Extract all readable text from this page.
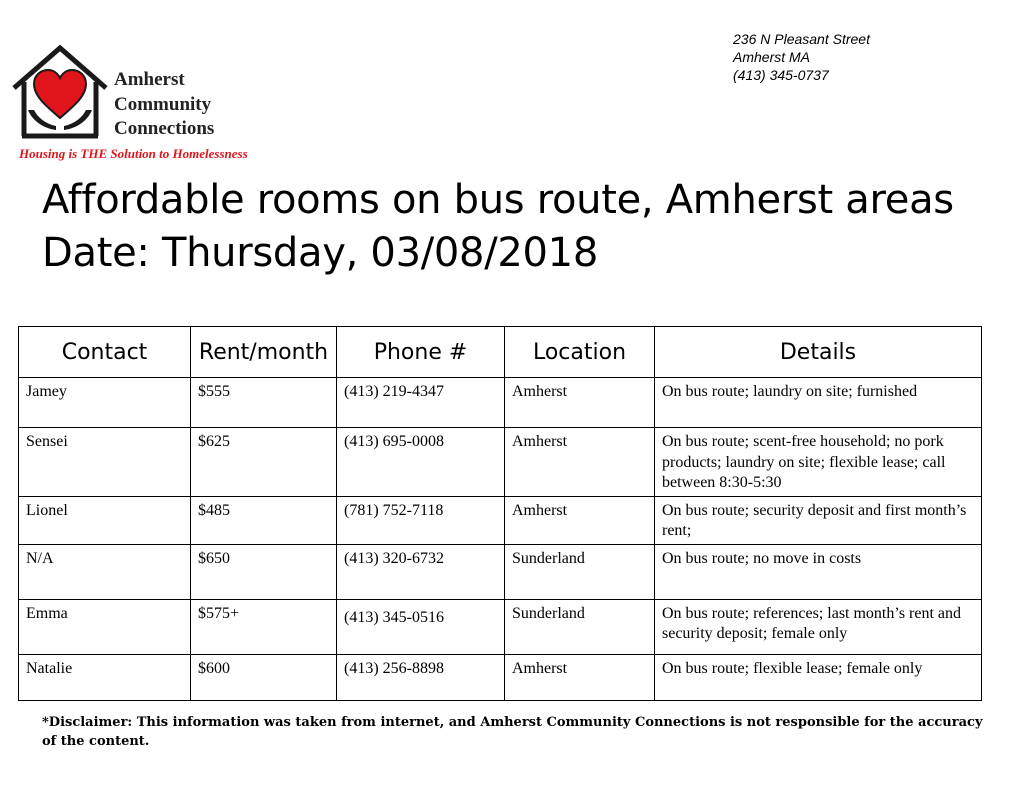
Amherst
Community
Connections
Housing is THE Solution to Homelessness
236 N Pleasant Street
Amherst MA
(413) 345-0737
Affordable rooms on bus route, Amherst areas
Date: Thursday, 03/08/2018
Contact	Rent/month	Phone #	Location	Details
Jamey	$555	(413) 219-4347	Amherst	On bus route; laundry on site; furnished
Sensei	$625	(413) 695-0008	Amherst	On bus route; scent-free household; no pork products; laundry on site; flexible lease; call between 8:30-5:30
Lionel	$485	(781) 752-7118	Amherst	On bus route; security deposit and first month’s rent;
N/A	$650	(413) 320-6732	Sunderland	On bus route; no move in costs
Emma	$575+	(413) 345-0516	Sunderland	On bus route; references; last month’s rent and security deposit; female only
Natalie	$600	(413) 256-8898	Amherst	On bus route; flexible lease; female only
*Disclaimer: This information was taken from internet, and Amherst Community Connections is not responsible for the accuracy of the content.
